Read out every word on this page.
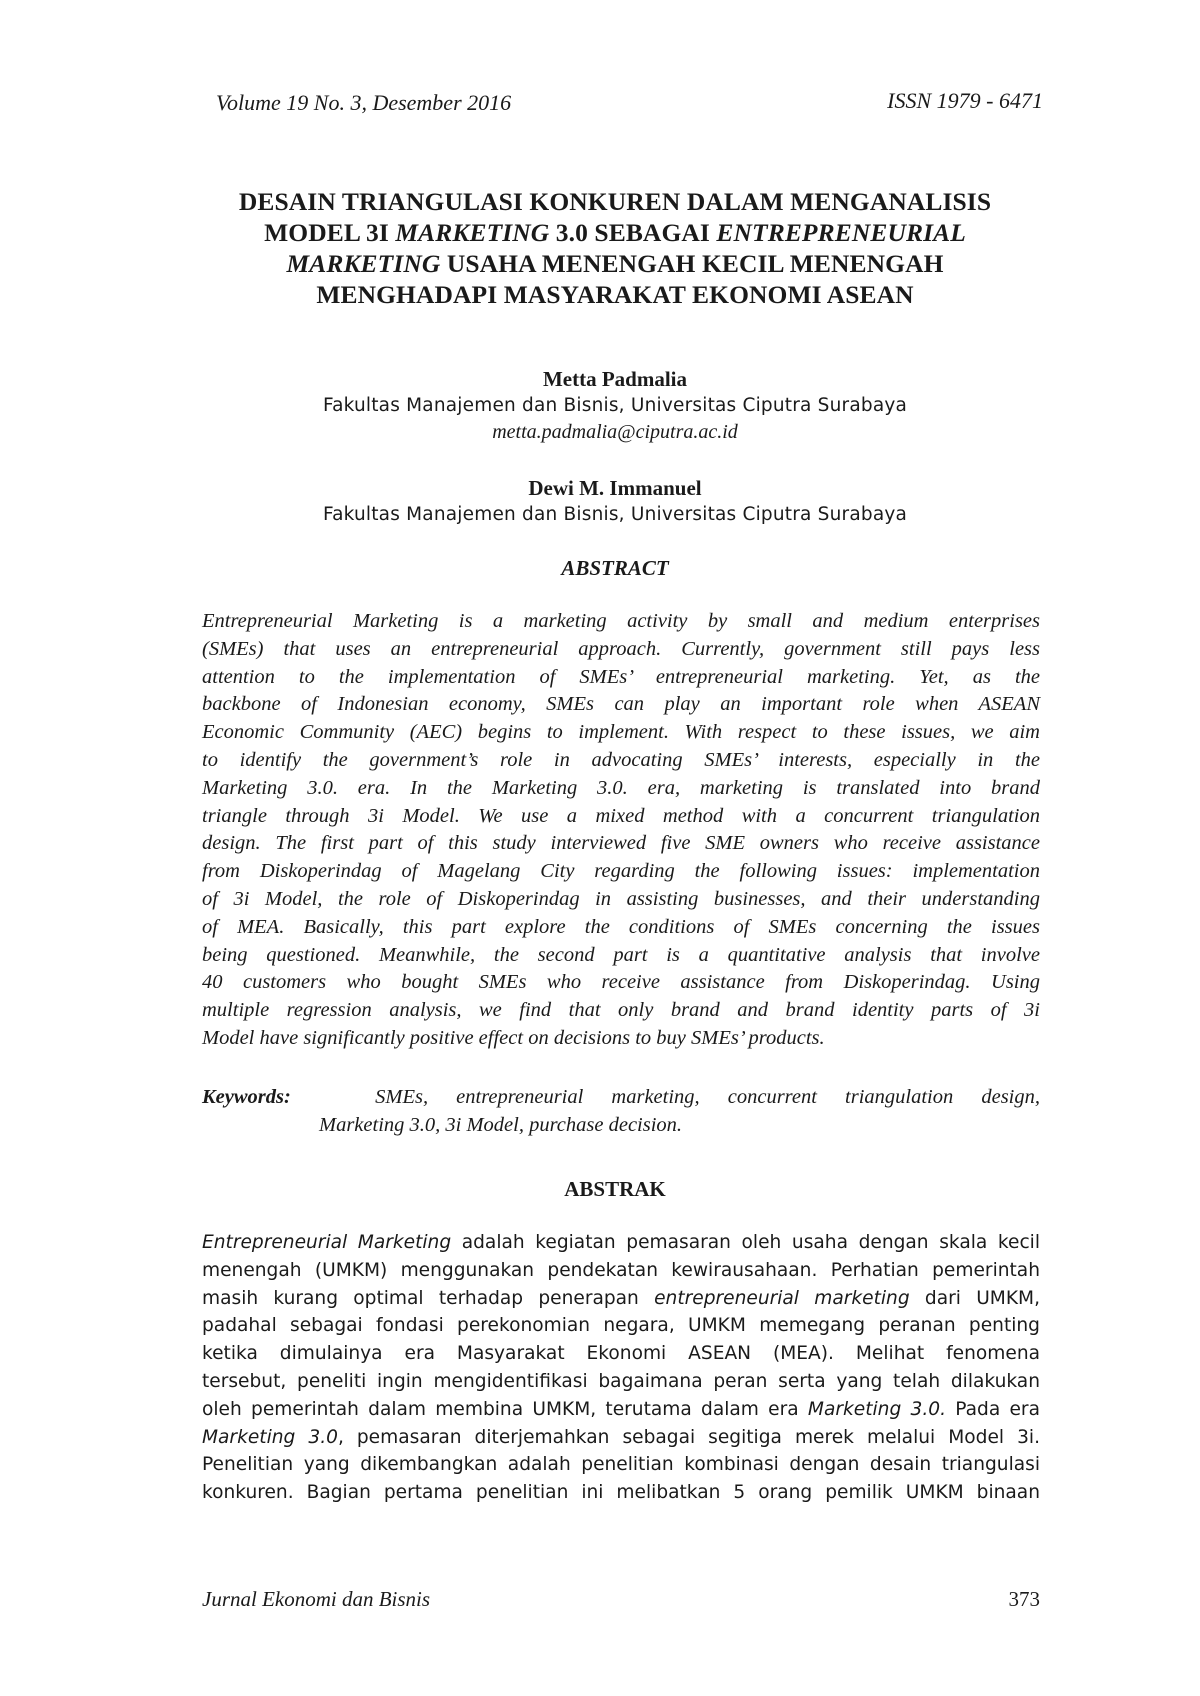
Volume 19 No. 3, Desember 2016	ISSN 1979 - 6471
DESAIN TRIANGULASI KONKUREN DALAM MENGANALISIS
MODEL 3I MARKETING 3.0 SEBAGAI ENTREPRENEURIAL
MARKETING USAHA MENENGAH KECIL MENENGAH
MENGHADAPI MASYARAKAT EKONOMI ASEAN
Metta Padmalia
Fakultas Manajemen dan Bisnis, Universitas Ciputra Surabaya
metta.padmalia@ciputra.ac.id
Dewi M. Immanuel
Fakultas Manajemen dan Bisnis, Universitas Ciputra Surabaya
ABSTRACT
Entrepreneurial Marketing is a marketing activity by small and medium enterprises
(SMEs) that uses an entrepreneurial approach. Currently, government still pays less
attention to the implementation of SMEs’ entrepreneurial marketing. Yet, as the
backbone of Indonesian economy, SMEs can play an important role when ASEAN
Economic Community (AEC) begins to implement. With respect to these issues, we aim
to identify the government’s role in advocating SMEs’ interests, especially in the
Marketing 3.0. era. In the Marketing 3.0. era, marketing is translated into brand
triangle through 3i Model. We use a mixed method with a concurrent triangulation
design. The first part of this study interviewed five SME owners who receive assistance
from Diskoperindag of Magelang City regarding the following issues: implementation
of 3i Model, the role of Diskoperindag in assisting businesses, and their understanding
of MEA. Basically, this part explore the conditions of SMEs concerning the issues
being questioned. Meanwhile, the second part is a quantitative analysis that involve
40 customers who bought SMEs who receive assistance from Diskoperindag. Using
multiple regression analysis, we find that only brand and brand identity parts of 3i
Model have significantly positive effect on decisions to buy SMEs’ products.
Keywords:	SMEs, entrepreneurial marketing, concurrent triangulation design,
Marketing 3.0, 3i Model, purchase decision.
ABSTRAK
Entrepreneurial Marketing adalah kegiatan pemasaran oleh usaha dengan skala kecil
menengah (UMKM) menggunakan pendekatan kewirausahaan. Perhatian pemerintah
masih kurang optimal terhadap penerapan entrepreneurial marketing dari UMKM,
padahal sebagai fondasi perekonomian negara, UMKM memegang peranan penting
ketika dimulainya era Masyarakat Ekonomi ASEAN (MEA). Melihat fenomena
tersebut, peneliti ingin mengidentifikasi bagaimana peran serta yang telah dilakukan
oleh pemerintah dalam membina UMKM, terutama dalam era Marketing 3.0. Pada era
Marketing 3.0, pemasaran diterjemahkan sebagai segitiga merek melalui Model 3i.
Penelitian yang dikembangkan adalah penelitian kombinasi dengan desain triangulasi
konkuren. Bagian pertama penelitian ini melibatkan 5 orang pemilik UMKM binaan
Jurnal Ekonomi dan Bisnis	373
